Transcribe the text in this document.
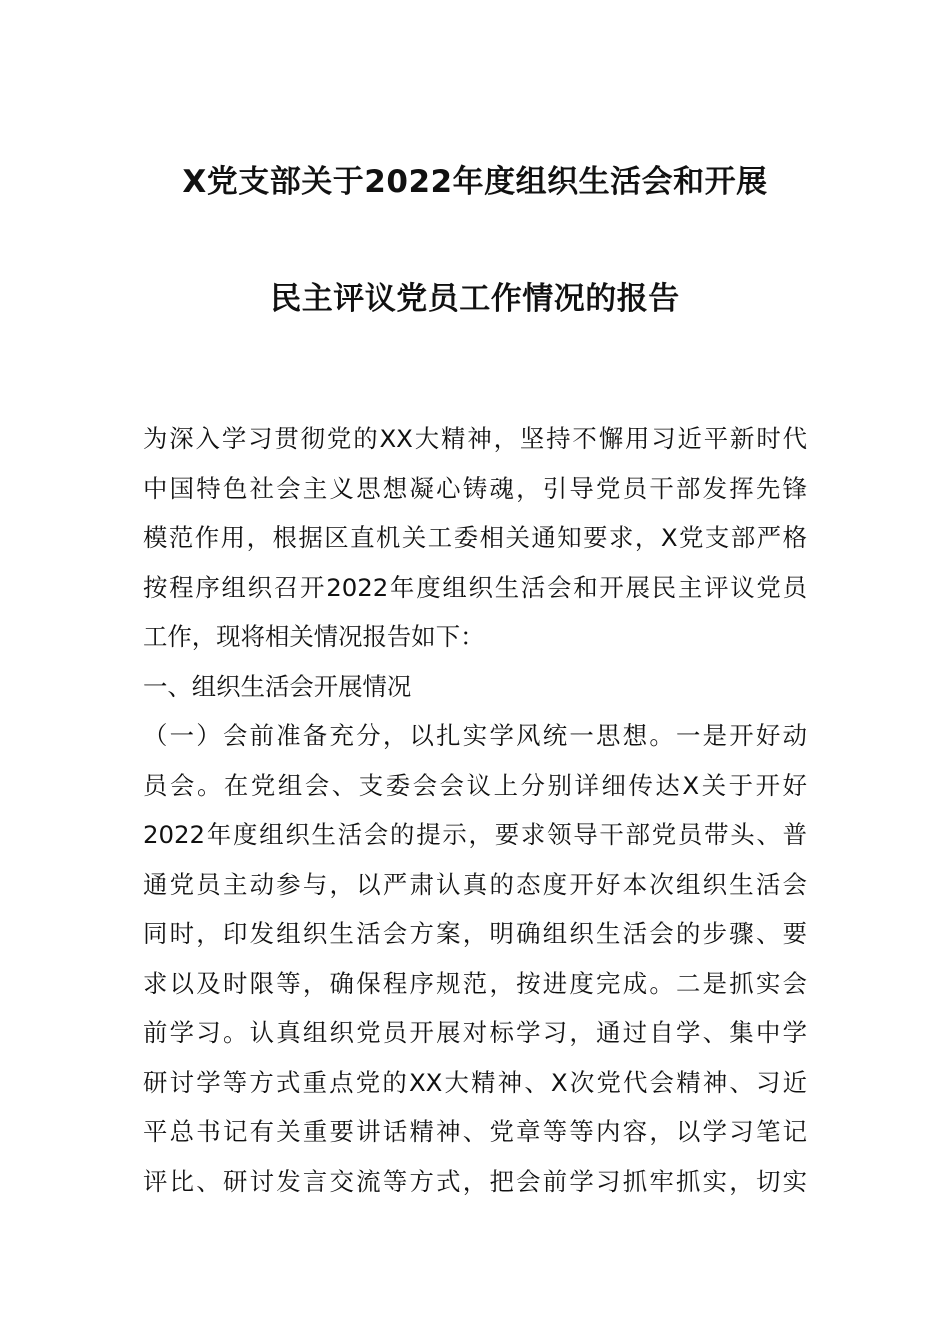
X党支部关于2022年度组织生活会和开展
民主评议党员工作情况的报告
为深入学习贯彻党的XX大精神，坚持不懈用习近平新时代
中国特色社会主义思想凝心铸魂，引导党员干部发挥先锋
模范作用，根据区直机关工委相关通知要求，X党支部严格
按程序组织召开2022年度组织生活会和开展民主评议党员
工作，现将相关情况报告如下：
一、组织生活会开展情况
（一）会前准备充分，以扎实学风统一思想。一是开好动
员会。在党组会、支委会会议上分别详细传达X关于开好
2022年度组织生活会的提示，要求领导干部党员带头、普
通党员主动参与，以严肃认真的态度开好本次组织生活会
同时，印发组织生活会方案，明确组织生活会的步骤、要
求以及时限等，确保程序规范，按进度完成。二是抓实会
前学习。认真组织党员开展对标学习，通过自学、集中学
研讨学等方式重点党的XX大精神、X次党代会精神、习近
平总书记有关重要讲话精神、党章等等内容，以学习笔记
评比、研讨发言交流等方式，把会前学习抓牢抓实，切实
